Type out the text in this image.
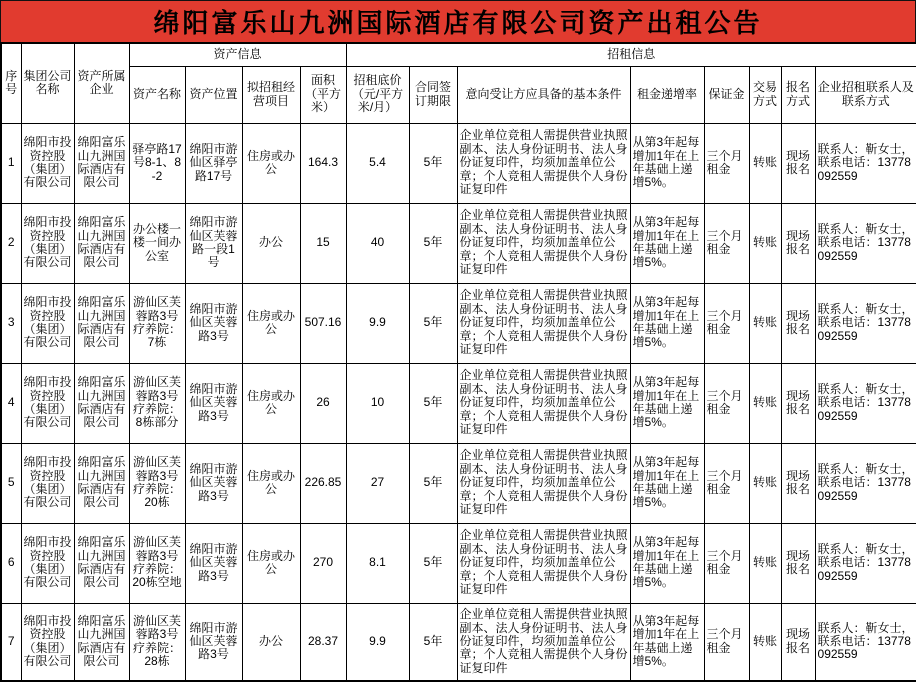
绵阳富乐山九洲国际酒店有限公司资产出租公告
序号	集团公司名称	资产所属企业	资产信息				招租信息							
			资产名称	资产位置	拟招租经营项目	面积（平方米）	招租底价（元/平方米/月）	合同签订期限	意向受让方应具备的基本条件	租金递增率	保证金	交易方式	报名方式	企业招租联系人及联系方式
1	绵阳市投资控股（集团）有限公司	绵阳富乐山九洲国际酒店有限公司	驿亭路17号8-1、8-2	绵阳市游仙区驿亭路17号	住房或办公	164.3	5.4	5年	企业单位竞租人需提供营业执照副本、法人身份证明书、法人身份证复印件，均须加盖单位公章；个人竞租人需提供个人身份证复印件	从第3年起每增加1年在上年基础上递增5%。	三个月租金	转账	现场报名	联系人：靳女士，联系电话：13778092559
2	绵阳市投资控股（集团）有限公司	绵阳富乐山九洲国际酒店有限公司	办公楼一楼一间办公室	绵阳市游仙区芙蓉路一段1号	办公	15	40	5年	企业单位竞租人需提供营业执照副本、法人身份证明书、法人身份证复印件，均须加盖单位公章；个人竞租人需提供个人身份证复印件	从第3年起每增加1年在上年基础上递增5%。	三个月租金	转账	现场报名	联系人：靳女士，联系电话：13778092559
3	绵阳市投资控股（集团）有限公司	绵阳富乐山九洲国际酒店有限公司	游仙区芙蓉路3号疗养院：7栋	绵阳市游仙区芙蓉路3号	住房或办公	507.16	9.9	5年	企业单位竞租人需提供营业执照副本、法人身份证明书、法人身份证复印件，均须加盖单位公章；个人竞租人需提供个人身份证复印件	从第3年起每增加1年在上年基础上递增5%。	三个月租金	转账	现场报名	联系人：靳女士，联系电话：13778092559
4	绵阳市投资控股（集团）有限公司	绵阳富乐山九洲国际酒店有限公司	游仙区芙蓉路3号疗养院：8栋部分	绵阳市游仙区芙蓉路3号	住房或办公	26	10	5年	企业单位竞租人需提供营业执照副本、法人身份证明书、法人身份证复印件，均须加盖单位公章；个人竞租人需提供个人身份证复印件	从第3年起每增加1年在上年基础上递增5%。	三个月租金	转账	现场报名	联系人：靳女士，联系电话：13778092559
5	绵阳市投资控股（集团）有限公司	绵阳富乐山九洲国际酒店有限公司	游仙区芙蓉路3号疗养院：20栋	绵阳市游仙区芙蓉路3号	住房或办公	226.85	27	5年	企业单位竞租人需提供营业执照副本、法人身份证明书、法人身份证复印件，均须加盖单位公章；个人竞租人需提供个人身份证复印件	从第3年起每增加1年在上年基础上递增5%。	三个月租金	转账	现场报名	联系人：靳女士，联系电话：13778092559
6	绵阳市投资控股（集团）有限公司	绵阳富乐山九洲国际酒店有限公司	游仙区芙蓉路3号疗养院：20栋空地	绵阳市游仙区芙蓉路3号	住房或办公	270	8.1	5年	企业单位竞租人需提供营业执照副本、法人身份证明书、法人身份证复印件，均须加盖单位公章；个人竞租人需提供个人身份证复印件	从第3年起每增加1年在上年基础上递增5%。	三个月租金	转账	现场报名	联系人：靳女士，联系电话：13778092559
7	绵阳市投资控股（集团）有限公司	绵阳富乐山九洲国际酒店有限公司	游仙区芙蓉路3号疗养院：28栋	绵阳市游仙区芙蓉路3号	办公	28.37	9.9	5年	企业单位竞租人需提供营业执照副本、法人身份证明书、法人身份证复印件，均须加盖单位公章；个人竞租人需提供个人身份证复印件	从第3年起每增加1年在上年基础上递增5%。	三个月租金	转账	现场报名	联系人：靳女士，联系电话：13778092559
